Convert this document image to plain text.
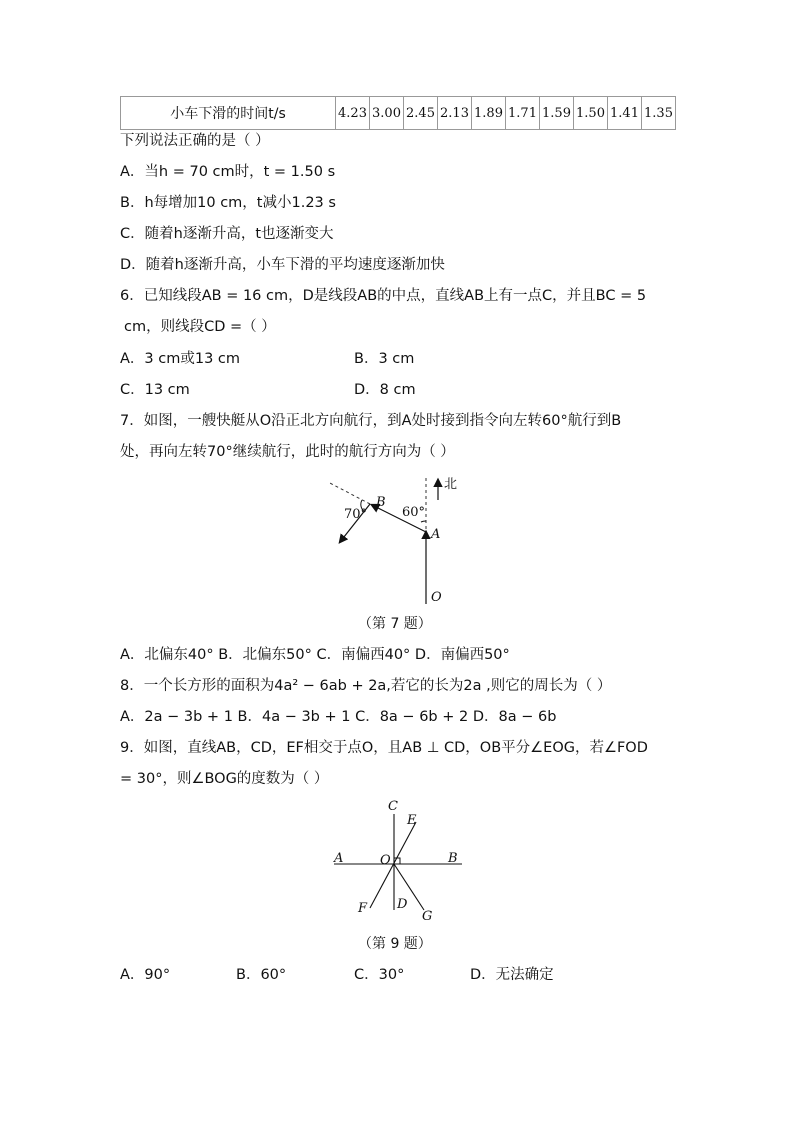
小车下滑的时间t/s	4.23	3.00	2.45	2.13	1.89	1.71	1.59	1.50	1.41	1.35
下列说法正确的是（ ）
A．当h = 70 cm时，t = 1.50 s
B．h每增加10 cm，t减小1.23 s
C．随着h逐渐升高，t也逐渐变大
D．随着h逐渐升高，小车下滑的平均速度逐渐加快
6．已知线段AB = 16 cm，D是线段AB的中点，直线AB上有一点C，并且BC = 5
cm，则线段CD =（ ）
A．3 cm或13 cm	B．3 cm
C．13 cm	D．8 cm
7．如图，一艘快艇从O沿正北方向航行，到A处时接到指令向左转60°航行到B
处，再向左转70°继续航行，此时的航行方向为（ ）
北
B
A
O
70°	60°
（第 7 题）
A．北偏东40° B．北偏东50° C．南偏西40° D．南偏西50°
8．一个长方形的面积为4a² − 6ab + 2a,若它的长为2a ,则它的周长为（ ）
A．2a − 3b + 1 B．4a − 3b + 1 C．8a − 6b + 2 D．8a − 6b
9．如图，直线AB，CD，EF相交于点O，且AB ⊥ CD，OB平分∠EOG，若∠FOD
= 30°，则∠BOG的度数为（ ）
C
E
A	O	B
F D
G
（第 9 题）
A．90°	B．60°	C．30°	D．无法确定
